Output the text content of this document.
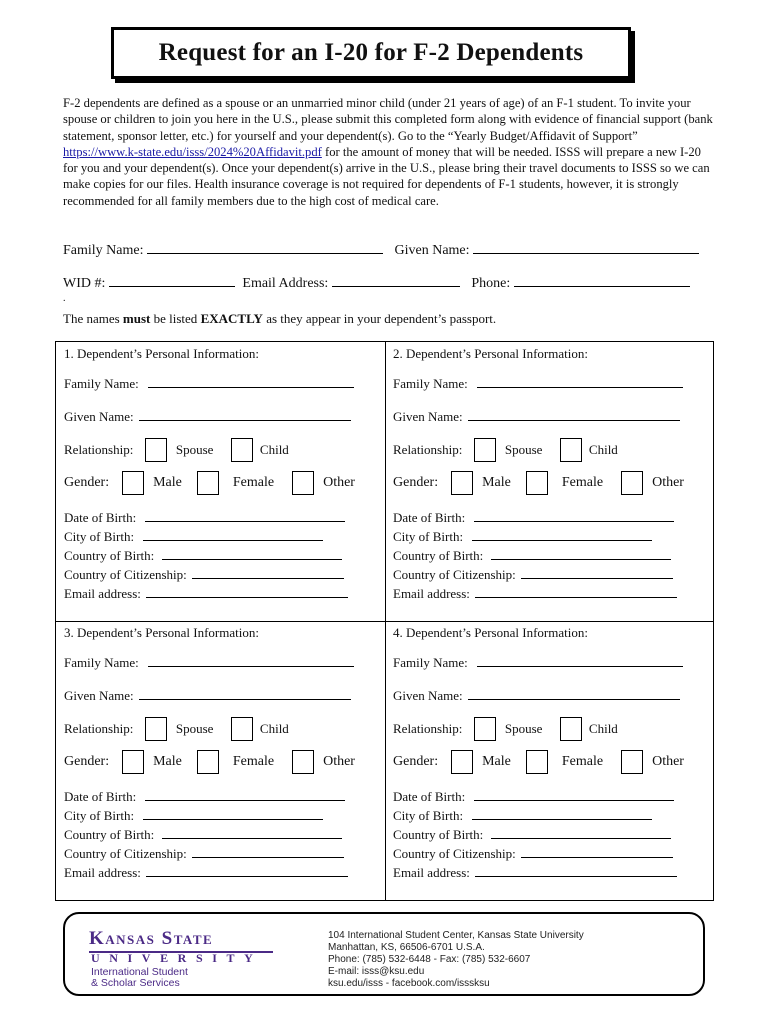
Request for an I-20 for F-2 Dependents
F-2 dependents are defined as a spouse or an unmarried minor child (under 21 years of age) of an F-1 student. To invite your spouse or children to join you here in the U.S., please submit this completed form along with evidence of financial support (bank statement, sponsor letter, etc.) for yourself and your dependent(s). Go to the “Yearly Budget/Affidavit of Support” https://www.k-state.edu/isss/2024%20Affidavit.pdf for the amount of money that will be needed. ISSS will prepare a new I-20 for you and your dependent(s). Once your dependent(s) arrive in the U.S., please bring their travel documents to ISSS so we can make copies for our files. Health insurance coverage is not required for dependents of F-1 students, however, it is strongly recommended for all family members due to the high cost of medical care.
Family Name:	Given Name:
WID #:	Email Address:	Phone:
.
The names must be listed EXACTLY as they appear in your dependent’s passport.
1. Dependent’s Personal Information:
Family Name:
Given Name:
Relationship:	Spouse	Child
Gender:	Male	Female	Other
Date of Birth:
City of Birth:
Country of Birth:
Country of Citizenship:
Email address:
2. Dependent’s Personal Information:
Family Name:
Given Name:
Relationship:	Spouse	Child
Gender:	Male	Female	Other
Date of Birth:
City of Birth:
Country of Birth:
Country of Citizenship:
Email address:
3. Dependent’s Personal Information:
Family Name:
Given Name:
Relationship:	Spouse	Child
Gender:	Male	Female	Other
Date of Birth:
City of Birth:
Country of Birth:
Country of Citizenship:
Email address:
4. Dependent’s Personal Information:
Family Name:
Given Name:
Relationship:	Spouse	Child
Gender:	Male	Female	Other
Date of Birth:
City of Birth:
Country of Birth:
Country of Citizenship:
Email address:
Kansas State
UNIVERSITY
International Student
& Scholar Services
104 International Student Center, Kansas State University
Manhattan, KS, 66506-6701 U.S.A.
Phone: (785) 532-6448 - Fax: (785) 532-6607
E-mail: isss@ksu.edu
ksu.edu/isss - facebook.com/isssksu
